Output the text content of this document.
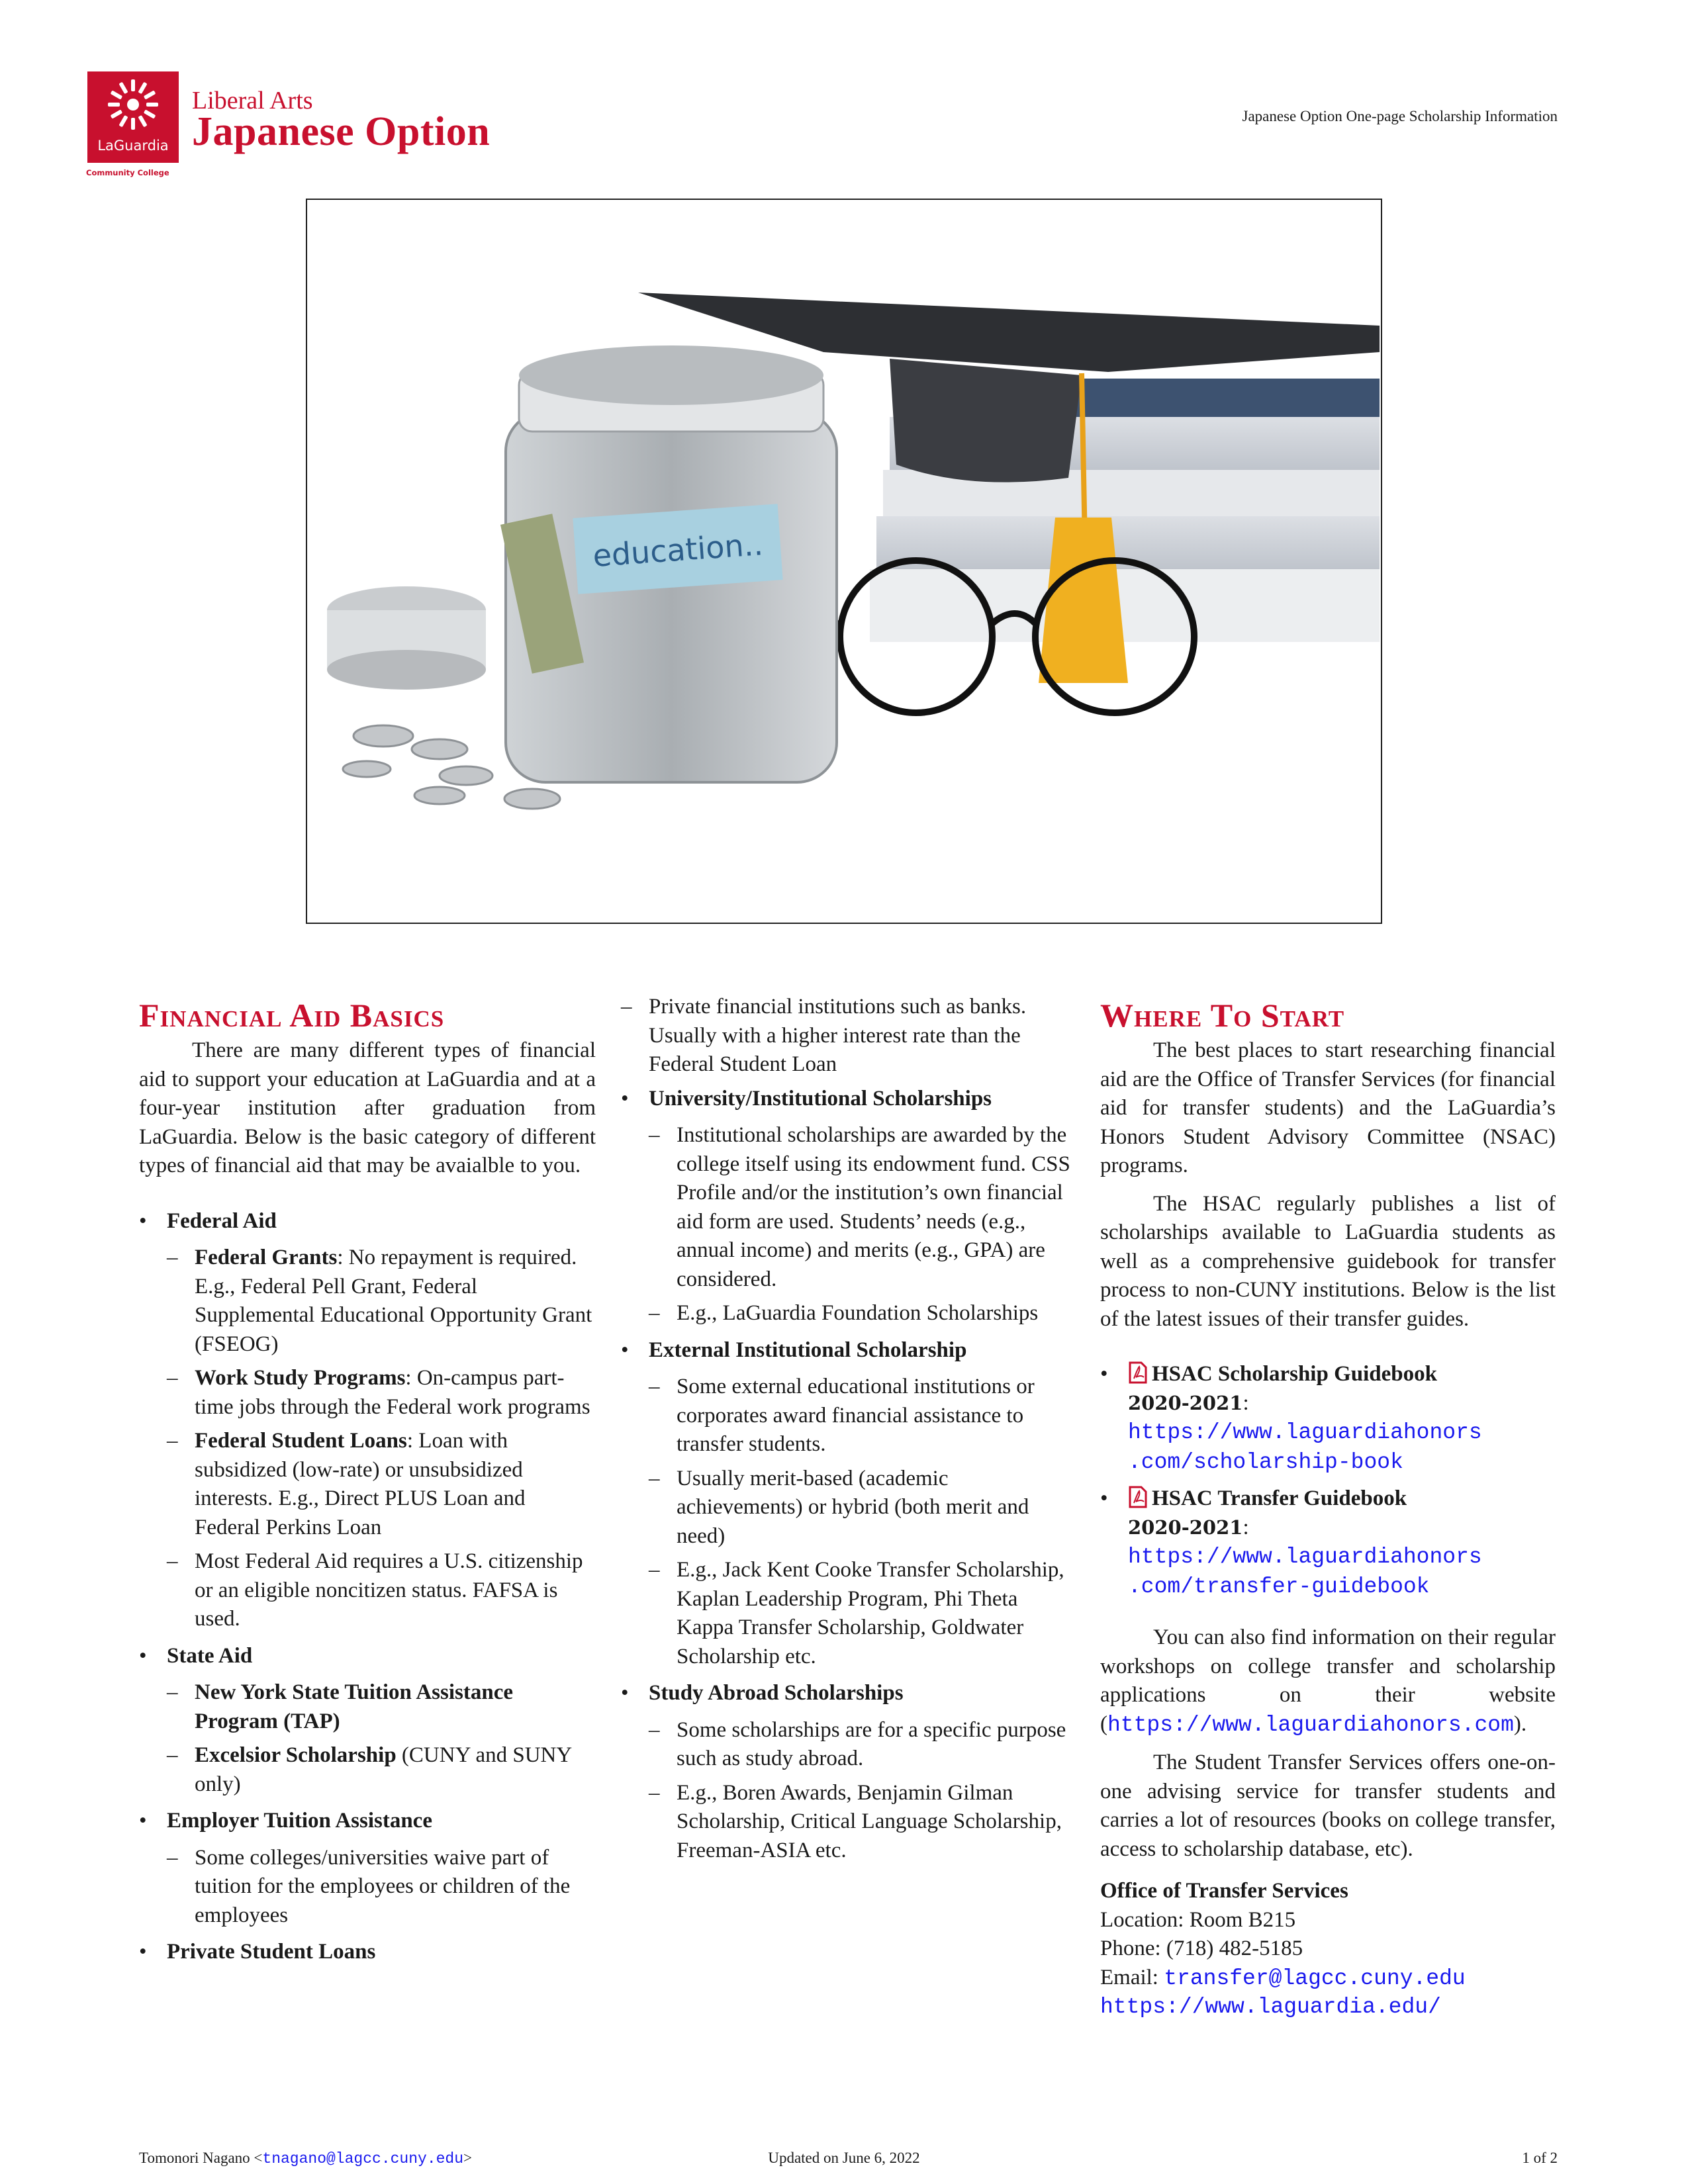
LaGuardia
Community College
Liberal Arts
Japanese Option	Japanese Option One-page Scholarship Information
education..
Financial Aid Basics

There are many different types of financial aid to support your education at LaGuardia and at a four-year institution after graduation from LaGuardia. Below is the basic category of different types of financial aid that may be avaialble to you.

• Federal Aid
– Federal Grants: No repayment is required. E.g., Federal Pell Grant, Federal Supplemental Educational Opportunity Grant (FSEOG)
– Work Study Programs: On-campus part-time jobs through the Federal work programs
– Federal Student Loans: Loan with subsidized (low-rate) or unsubsidized interests. E.g., Direct PLUS Loan and Federal Perkins Loan
– Most Federal Aid requires a U.S. citizenship or an eligible noncitizen status. FAFSA is used.
• State Aid
– New York State Tuition Assistance Program (TAP)
– Excelsior Scholarship (CUNY and SUNY only)
• Employer Tuition Assistance
– Some colleges/universities waive part of tuition for the employees or children of the employees
• Private Student Loans
– Private financial institutions such as banks. Usually with a higher interest rate than the Federal Student Loan
• University/Institutional Scholarships
– Institutional scholarships are awarded by the college itself using its endowment fund. CSS Profile and/or the institution’s own financial aid form are used. Students’ needs (e.g., annual income) and merits (e.g., GPA) are considered.
– E.g., LaGuardia Foundation Scholarships
• External Institutional Scholarship
– Some external educational institutions or corporates award financial assistance to transfer students.
– Usually merit-based (academic achievements) or hybrid (both merit and need)
– E.g., Jack Kent Cooke Transfer Scholarship, Kaplan Leadership Program, Phi Theta Kappa Transfer Scholarship, Goldwater Scholarship etc.
• Study Abroad Scholarships
– Some scholarships are for a specific purpose such as study abroad.
– E.g., Boren Awards, Benjamin Gilman Scholarship, Critical Language Scholarship, Freeman-ASIA etc.
Where To Start

The best places to start researching financial aid are the Office of Transfer Services (for financial aid for transfer students) and the LaGuardia’s Honors Student Advisory Committee (NSAC) programs.

The HSAC regularly publishes a list of scholarships available to LaGuardia students as well as a comprehensive guidebook for transfer process to non-CUNY institutions. Below is the list of the latest issues of their transfer guides.

• HSAC Scholarship Guidebook
2020-2021:
https://www.laguardiahonors
.com/scholarship-book
• HSAC Transfer Guidebook
2020-2021:
https://www.laguardiahonors
.com/transfer-guidebook

You can also find information on their regular workshops on college transfer and scholarship applications on their website (https://www.laguardiahonors.com).

The Student Transfer Services offers one-on-one advising service for transfer students and carries a lot of resources (books on college transfer, access to scholarship database, etc).

Office of Transfer Services
Location: Room B215
Phone: (718) 482-5185
Email: transfer@lagcc.cuny.edu
https://www.laguardia.edu/
Tomonori Nagano <tnagano@lagcc.cuny.edu>	Updated on June 6, 2022	1 of 2
